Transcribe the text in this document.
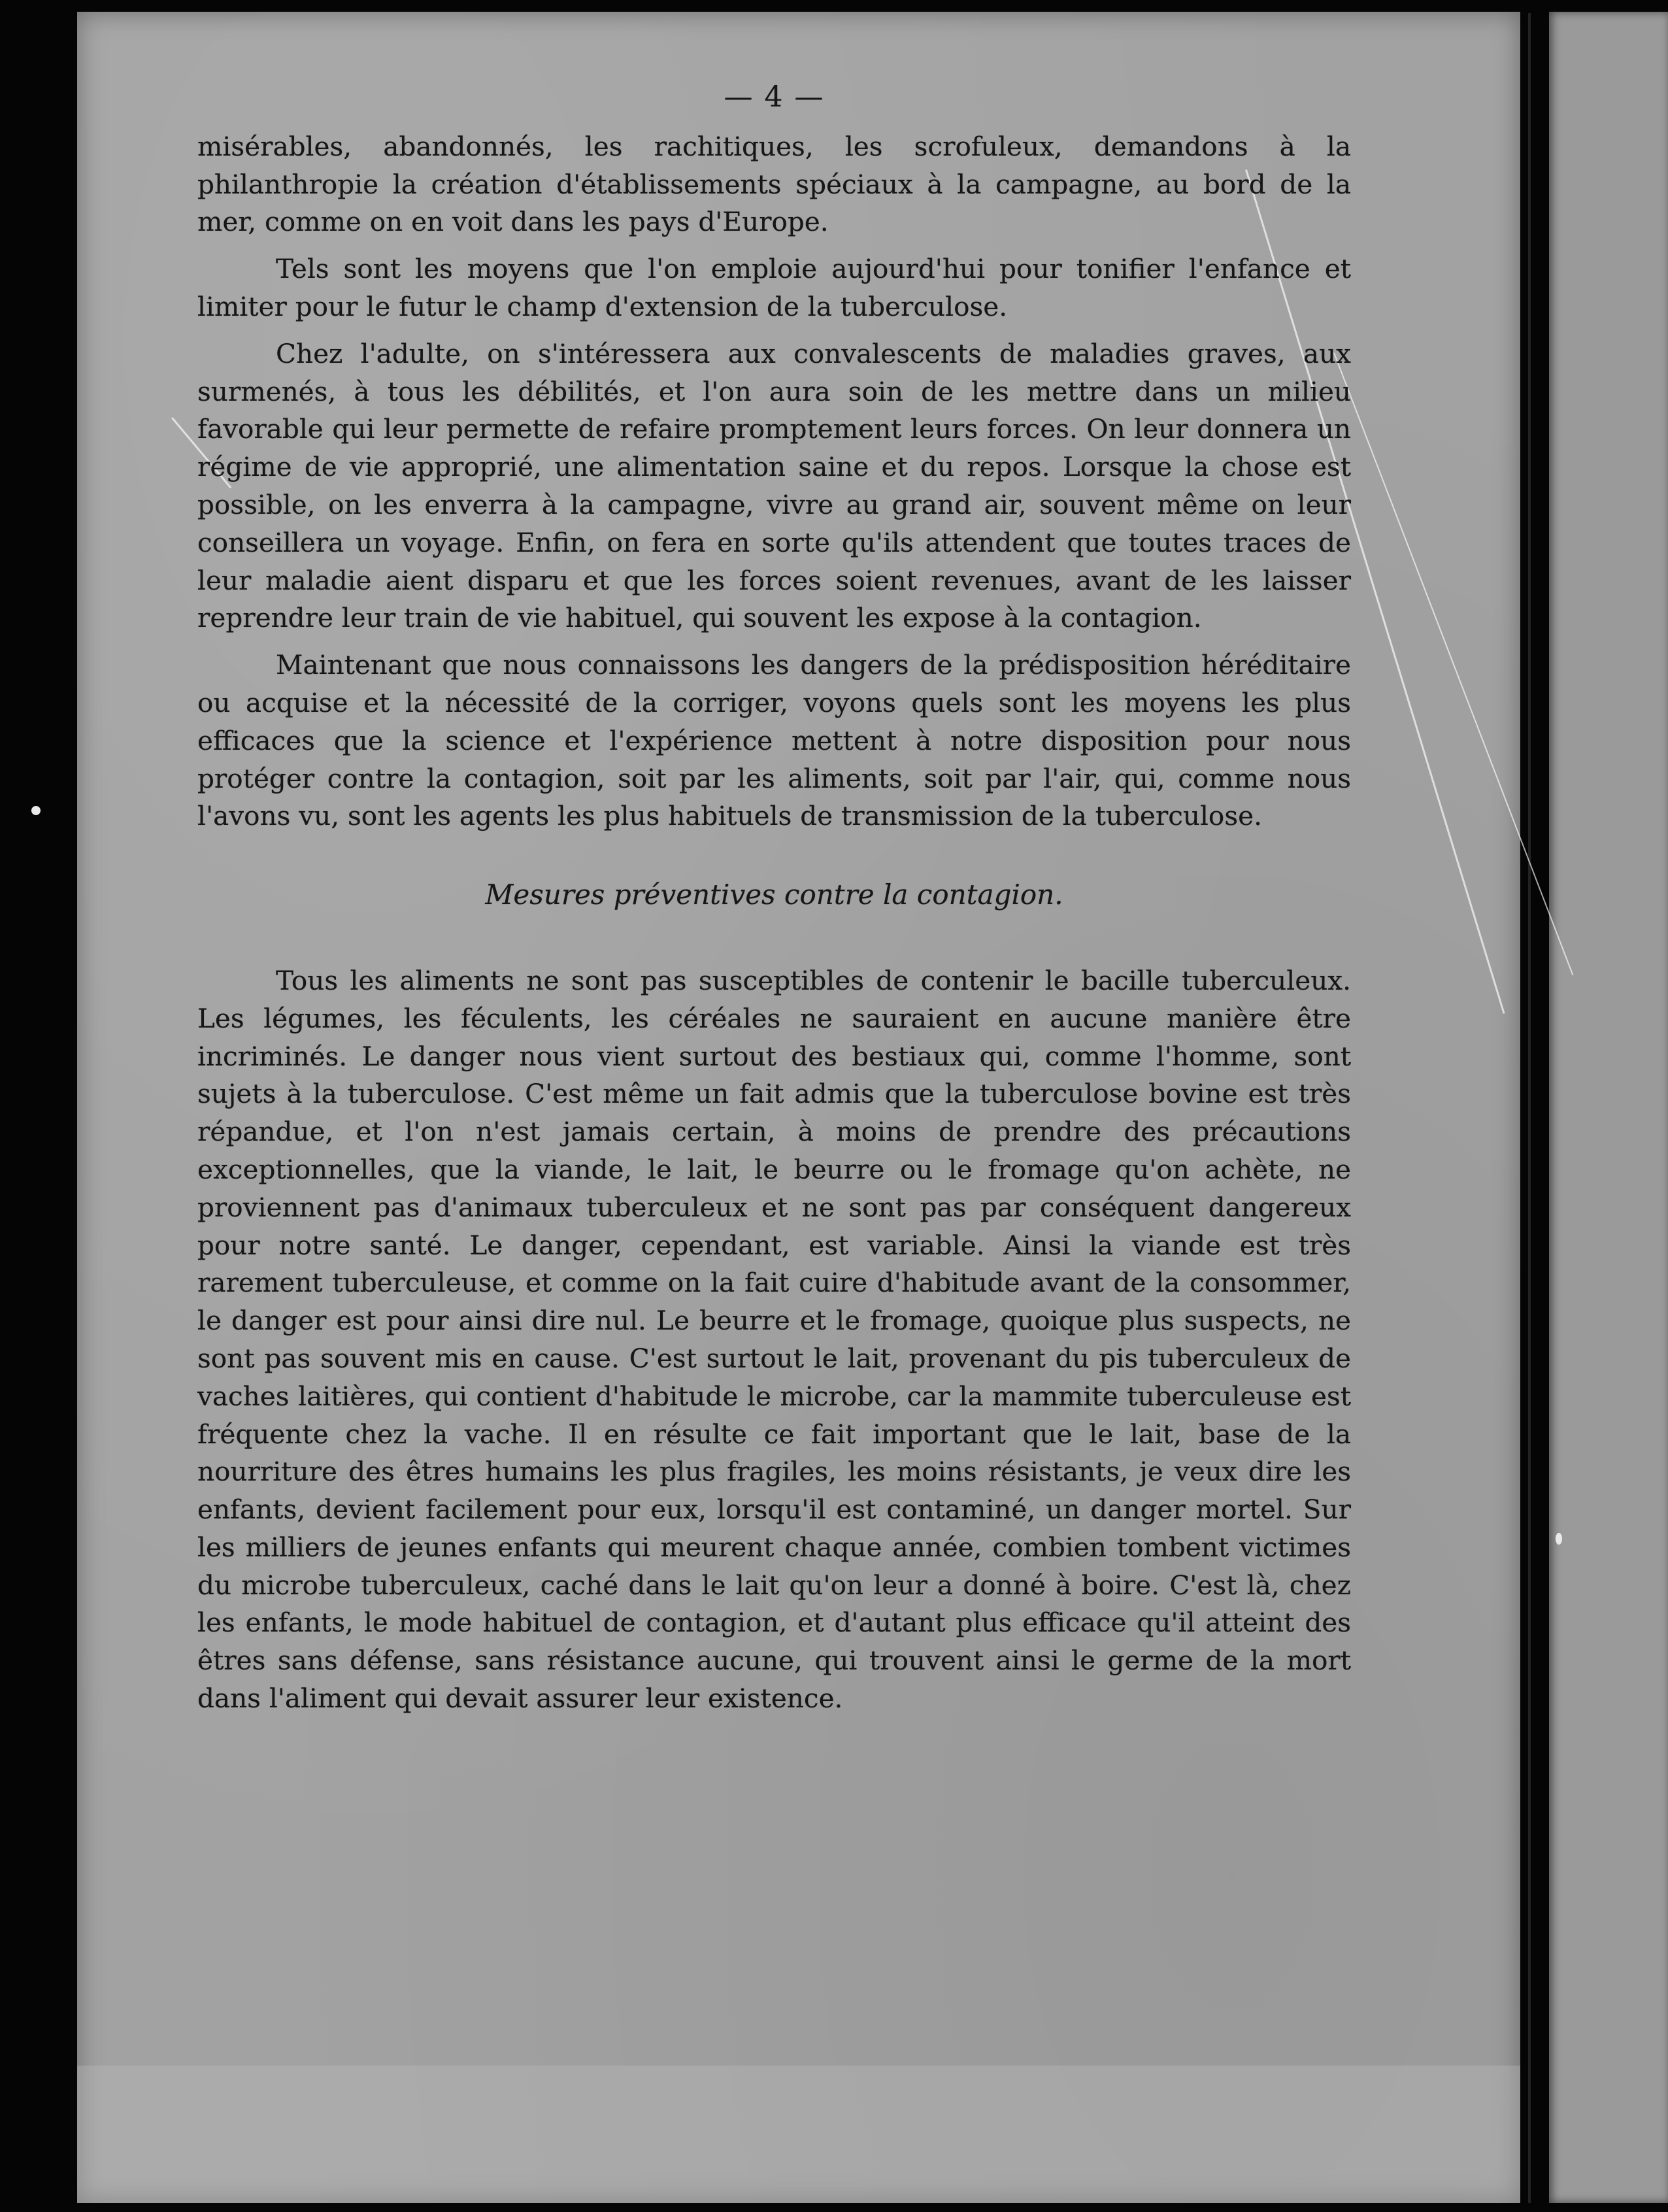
— 4 —

misérables, abandonnés, les rachitiques, les scrofuleux, demandons à la philanthropie la création d'établissements spéciaux à la campagne, au bord de la mer, comme on en voit dans les pays d'Europe.

Tels sont les moyens que l'on emploie aujourd'hui pour tonifier l'enfance et limiter pour le futur le champ d'extension de la tuberculose.

Chez l'adulte, on s'intéressera aux convalescents de maladies graves, aux surmenés, à tous les débilités, et l'on aura soin de les mettre dans un milieu favorable qui leur permette de refaire promptement leurs forces. On leur donnera un régime de vie approprié, une alimentation saine et du repos. Lorsque la chose est possible, on les enverra à la campagne, vivre au grand air, souvent même on leur conseillera un voyage. Enfin, on fera en sorte qu'ils attendent que toutes traces de leur maladie aient disparu et que les forces soient revenues, avant de les laisser reprendre leur train de vie habituel, qui souvent les expose à la contagion.

Maintenant que nous connaissons les dangers de la prédisposition héréditaire ou acquise et la nécessité de la corriger, voyons quels sont les moyens les plus efficaces que la science et l'expérience mettent à notre disposition pour nous protéger contre la contagion, soit par les aliments, soit par l'air, qui, comme nous l'avons vu, sont les agents les plus habituels de transmission de la tuberculose.

Mesures préventives contre la contagion.

Tous les aliments ne sont pas susceptibles de contenir le bacille tuberculeux. Les légumes, les féculents, les céréales ne sauraient en aucune manière être incriminés. Le danger nous vient surtout des bestiaux qui, comme l'homme, sont sujets à la tuberculose. C'est même un fait admis que la tuberculose bovine est très répandue, et l'on n'est jamais certain, à moins de prendre des précautions exceptionnelles, que la viande, le lait, le beurre ou le fromage qu'on achète, ne proviennent pas d'animaux tuberculeux et ne sont pas par conséquent dangereux pour notre santé. Le danger, cependant, est variable. Ainsi la viande est très rarement tuberculeuse, et comme on la fait cuire d'habitude avant de la consommer, le danger est pour ainsi dire nul. Le beurre et le fromage, quoique plus suspects, ne sont pas souvent mis en cause. C'est surtout le lait, provenant du pis tuberculeux de vaches laitières, qui contient d'habitude le microbe, car la mammite tuberculeuse est fréquente chez la vache. Il en résulte ce fait important que le lait, base de la nourriture des êtres humains les plus fragiles, les moins résistants, je veux dire les enfants, devient facilement pour eux, lorsqu'il est contaminé, un danger mortel. Sur les milliers de jeunes enfants qui meurent chaque année, combien tombent victimes du microbe tuberculeux, caché dans le lait qu'on leur a donné à boire. C'est là, chez les enfants, le mode habituel de contagion, et d'autant plus efficace qu'il atteint des êtres sans défense, sans résistance aucune, qui trouvent ainsi le germe de la mort dans l'aliment qui devait assurer leur existence.
